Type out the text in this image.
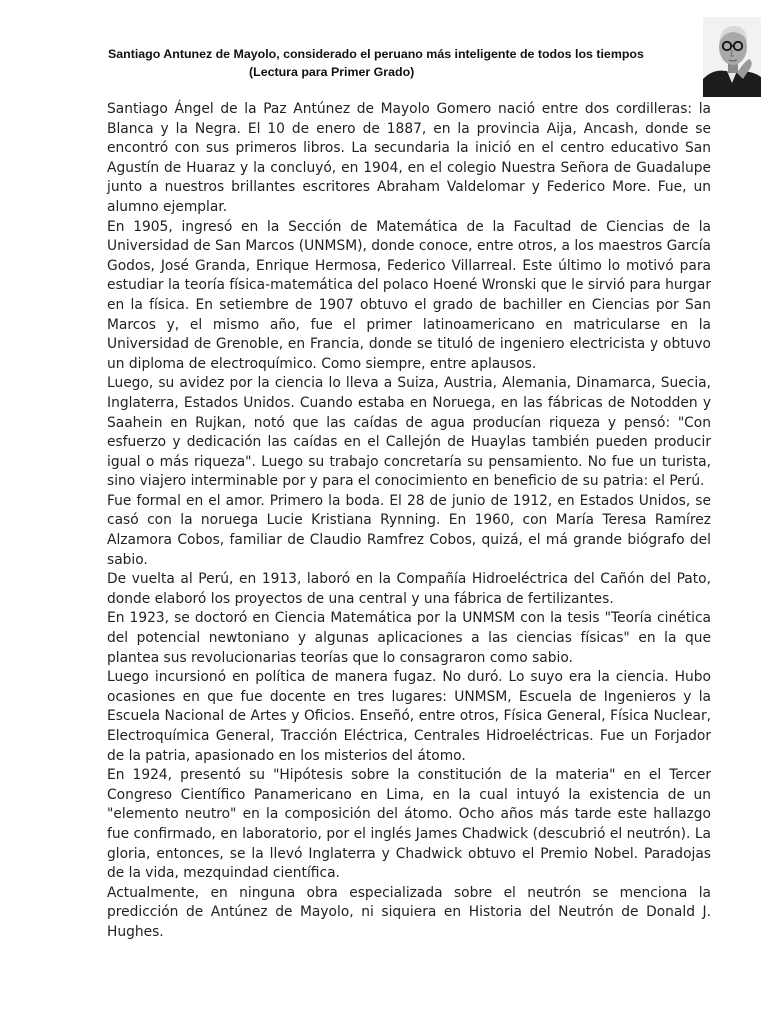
Santiago Antunez de Mayolo, considerado el peruano más inteligente de todos los tiempos
(Lectura para Primer Grado)

Santiago Ángel de la Paz Antúnez de Mayolo Gomero nació entre dos cordilleras: la Blanca y la Negra. El 10 de enero de 1887, en la provincia Aija, Ancash, donde se encontró con sus primeros libros. La secundaria la inició en el centro educativo San Agustín de Huaraz y la concluyó, en 1904, en el colegio Nuestra Señora de Guadalupe junto a nuestros brillantes escritores Abraham Valdelomar y Federico More. Fue, un alumno ejemplar.

En 1905, ingresó en la Sección de Matemática de la Facultad de Ciencias de la Universidad de San Marcos (UNMSM), donde conoce, entre otros, a los maestros García Godos, José Granda, Enrique Hermosa, Federico Villarreal. Este último lo motivó para estudiar la teoría física-matemática del polaco Hoené Wronski que le sirvió para hurgar en la física. En setiembre de 1907 obtuvo el grado de bachiller en Ciencias por San Marcos y, el mismo año, fue el primer latinoamericano en matricularse en la Universidad de Grenoble, en Francia, donde se tituló de ingeniero electricista y obtuvo un diploma de electroquímico. Como siempre, entre aplausos.

Luego, su avidez por la ciencia lo lleva a Suiza, Austria, Alemania, Dinamarca, Suecia, Inglaterra, Estados Unidos. Cuando estaba en Noruega, en las fábricas de Notodden y Saahein en Rujkan, notó que las caídas de agua producían riqueza y pensó: "Con esfuerzo y dedicación las caídas en el Callejón de Huaylas también pueden producir igual o más riqueza". Luego su trabajo concretaría su pensamiento. No fue un turista, sino viajero interminable por y para el conocimiento en beneficio de su patria: el Perú.

Fue formal en el amor. Primero la boda. El 28 de junio de 1912, en Estados Unidos, se casó con la noruega Lucie Kristiana Rynning. En 1960, con María Teresa Ramírez Alzamora Cobos, familiar de Claudio Ramfrez Cobos, quizá, el má grande biógrafo del sabio.

De vuelta al Perú, en 1913, laboró en la Compañía Hidroeléctrica del Cañón del Pato, donde elaboró los proyectos de una central y una fábrica de fertilizantes.

En 1923, se doctoró en Ciencia Matemática por la UNMSM con la tesis "Teoría cinética del potencial newtoniano y algunas aplicaciones a las ciencias físicas" en la que plantea sus revolucionarias teorías que lo consagraron como sabio.

Luego incursionó en política de manera fugaz. No duró. Lo suyo era la ciencia. Hubo ocasiones en que fue docente en tres lugares: UNMSM, Escuela de Ingenieros y la Escuela Nacional de Artes y Oficios. Enseñó, entre otros, Física General, Física Nuclear, Electroquímica General, Tracción Eléctrica, Centrales Hidroeléctricas. Fue un Forjador de la patria, apasionado en los misterios del átomo.

En 1924, presentó su "Hipótesis sobre la constitución de la materia" en el Tercer Congreso Científico Panamericano en Lima, en la cual intuyó la existencia de un "elemento neutro" en la composición del átomo. Ocho años más tarde este hallazgo fue confirmado, en laboratorio, por el inglés James Chadwick (descubrió el neutrón). La gloria, entonces, se la llevó Inglaterra y Chadwick obtuvo el Premio Nobel. Paradojas de la vida, mezquindad científica.

Actualmente, en ninguna obra especializada sobre el neutrón se menciona la predicción de Antúnez de Mayolo, ni siquiera en Historia del Neutrón de Donald J. Hughes.
